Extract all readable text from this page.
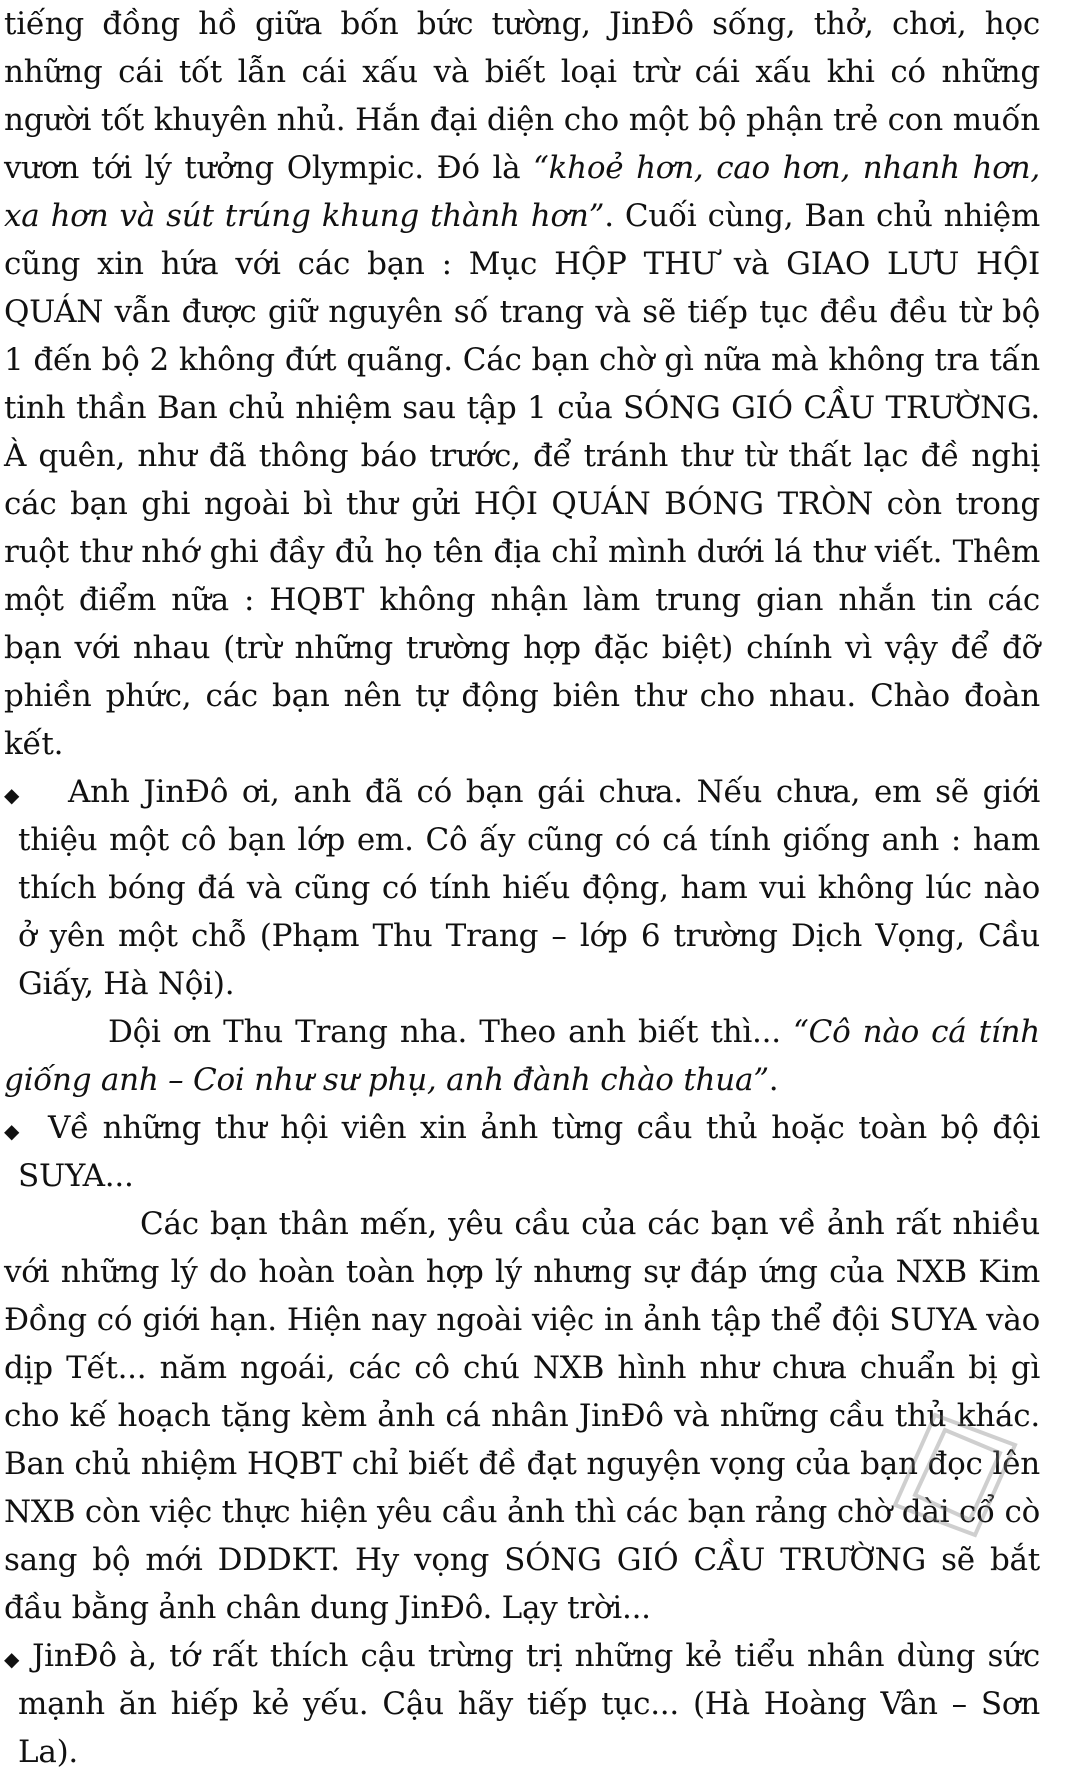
tiếng đồng hồ giữa bốn bức tường, JinĐô sống, thở, chơi, học những cái tốt lẫn cái xấu và biết loại trừ cái xấu khi có những người tốt khuyên nhủ. Hắn đại diện cho một bộ phận trẻ con muốn vươn tới lý tưởng Olympic. Đó là “khoẻ hơn, cao hơn, nhanh hơn, xa hơn và sút trúng khung thành hơn”. Cuối cùng, Ban chủ nhiệm cũng xin hứa với các bạn : Mục HỘP THƯ và GIAO LƯU HỘI QUÁN vẫn được giữ nguyên số trang và sẽ tiếp tục đều đều từ bộ 1 đến bộ 2 không đứt quãng. Các bạn chờ gì nữa mà không tra tấn tinh thần Ban chủ nhiệm sau tập 1 của SÓNG GIÓ CẦU TRƯỜNG. À quên, như đã thông báo trước, để tránh thư từ thất lạc đề nghị các bạn ghi ngoài bì thư gửi HỘI QUÁN BÓNG TRÒN còn trong ruột thư nhớ ghi đầy đủ họ tên địa chỉ mình dưới lá thư viết. Thêm một điểm nữa : HQBT không nhận làm trung gian nhắn tin các bạn với nhau (trừ những trường hợp đặc biệt) chính vì vậy để đỡ phiền phức, các bạn nên tự động biên thư cho nhau. Chào đoàn kết.

◆	Anh JinĐô ơi, anh đã có bạn gái chưa. Nếu chưa, em sẽ giới thiệu một cô bạn lớp em. Cô ấy cũng có cá tính giống anh : ham thích bóng đá và cũng có tính hiếu động, ham vui không lúc nào ở yên một chỗ (Phạm Thu Trang – lớp 6 trường Dịch Vọng, Cầu Giấy, Hà Nội).

Dội ơn Thu Trang nha. Theo anh biết thì... “Cô nào cá tính giống anh – Coi như sư phụ, anh đành chào thua”.

◆ Về những thư hội viên xin ảnh từng cầu thủ hoặc toàn bộ đội SUYA...

Các bạn thân mến, yêu cầu của các bạn về ảnh rất nhiều với những lý do hoàn toàn hợp lý nhưng sự đáp ứng của NXB Kim Đồng có giới hạn. Hiện nay ngoài việc in ảnh tập thể đội SUYA vào dịp Tết... năm ngoái, các cô chú NXB hình như chưa chuẩn bị gì cho kế hoạch tặng kèm ảnh cá nhân JinĐô và những cầu thủ khác. Ban chủ nhiệm HQBT chỉ biết đề đạt nguyện vọng của bạn đọc lên NXB còn việc thực hiện yêu cầu ảnh thì các bạn rảng chờ dài cổ cò sang bộ mới DDDKT. Hy vọng SÓNG GIÓ CẦU TRƯỜNG sẽ bắt đầu bằng ảnh chân dung JinĐô. Lạy trời...

◆ JinĐô à, tớ rất thích cậu trừng trị những kẻ tiểu nhân dùng sức mạnh ăn hiếp kẻ yếu. Cậu hãy tiếp tục... (Hà Hoàng Vân – Sơn La).
